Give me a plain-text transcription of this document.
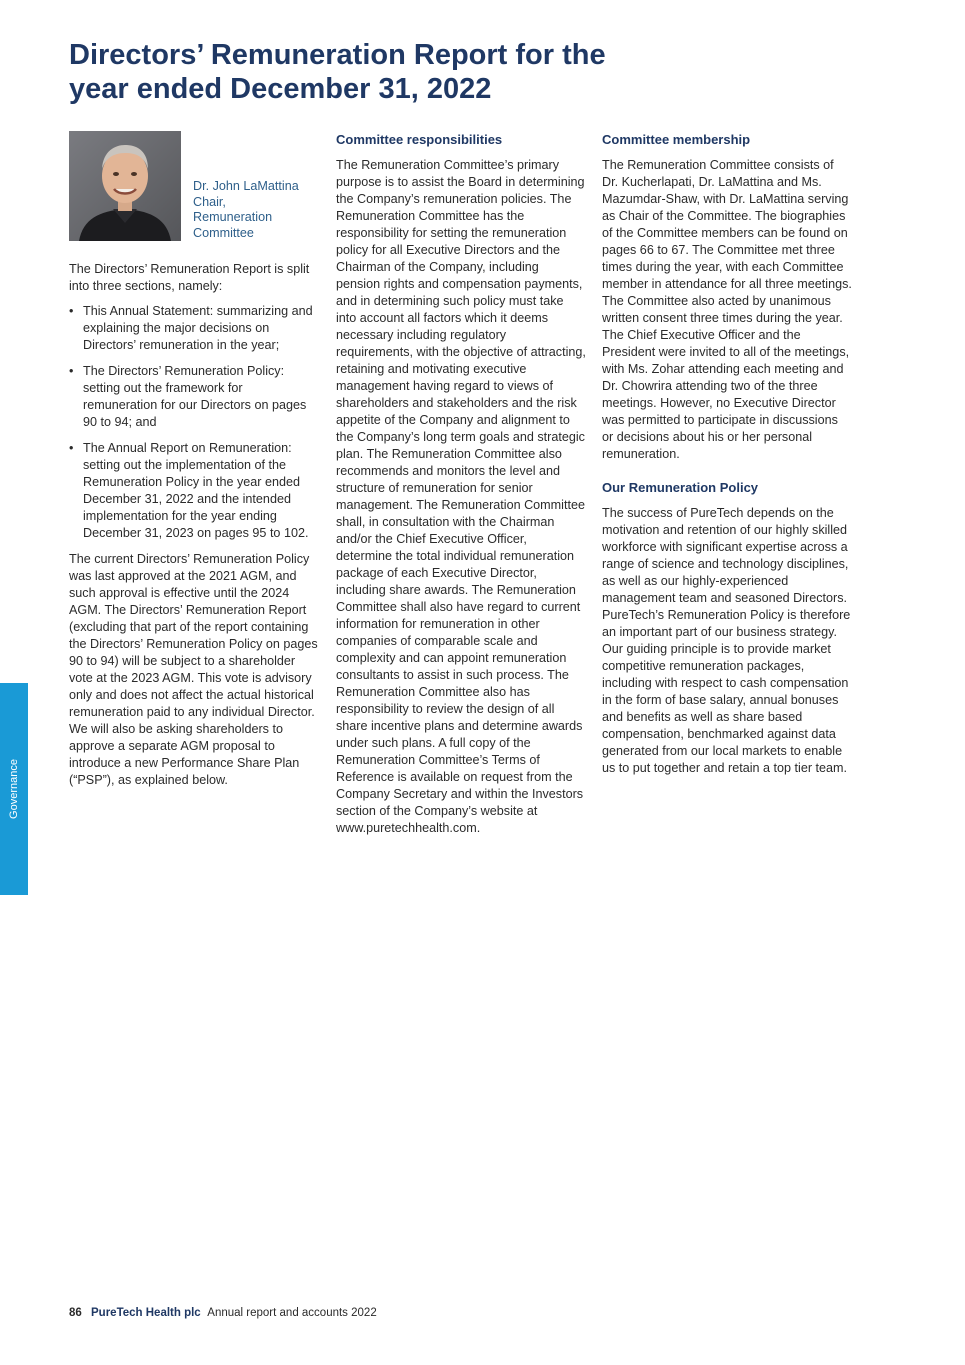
Directors’ Remuneration Report for the year ended December 31, 2022
Dr. John LaMattina
Chair,
Remuneration
Committee

The Directors’ Remuneration Report is split into three sections, namely:

• This Annual Statement: summarizing and explaining the major decisions on Directors’ remuneration in the year;
• The Directors’ Remuneration Policy: setting out the framework for remuneration for our Directors on pages 90 to 94; and
• The Annual Report on Remuneration: setting out the implementation of the Remuneration Policy in the year ended December 31, 2022 and the intended implementation for the year ending December 31, 2023 on pages 95 to 102.

The current Directors’ Remuneration Policy was last approved at the 2021 AGM, and such approval is effective until the 2024 AGM. The Directors’ Remuneration Report (excluding that part of the report containing the Directors’ Remuneration Policy on pages 90 to 94) will be subject to a shareholder vote at the 2023 AGM. This vote is advisory only and does not affect the actual historical remuneration paid to any individual Director. We will also be asking shareholders to approve a separate AGM proposal to introduce a new Performance Share Plan (“PSP”), as explained below.

Committee responsibilities

The Remuneration Committee’s primary purpose is to assist the Board in determining the Company’s remuneration policies. The Remuneration Committee has the responsibility for setting the remuneration policy for all Executive Directors and the Chairman of the Company, including pension rights and compensation payments, and in determining such policy must take into account all factors which it deems necessary including regulatory requirements, with the objective of attracting, retaining and motivating executive management having regard to views of shareholders and stakeholders and the risk appetite of the Company and alignment to the Company’s long term goals and strategic plan. The Remuneration Committee also recommends and monitors the level and structure of remuneration for senior management. The Remuneration Committee shall, in consultation with the Chairman and/or the Chief Executive Officer, determine the total individual remuneration package of each Executive Director, including share awards. The Remuneration Committee shall also have regard to current information for remuneration in other companies of comparable scale and complexity and can appoint remuneration consultants to assist in such process. The Remuneration Committee also has responsibility to review the design of all share incentive plans and determine awards under such plans. A full copy of the Remuneration Committee’s Terms of Reference is available on request from the Company Secretary and within the Investors section of the Company’s website at www.puretechhealth.com.

Committee membership

The Remuneration Committee consists of Dr. Kucherlapati, Dr. LaMattina and Ms. Mazumdar-Shaw, with Dr. LaMattina serving as Chair of the Committee. The biographies of the Committee members can be found on pages 66 to 67. The Committee met three times during the year, with each Committee member in attendance for all three meetings. The Committee also acted by unanimous written consent three times during the year. The Chief Executive Officer and the President were invited to all of the meetings, with Ms. Zohar attending each meeting and Dr. Chowrira attending two of the three meetings. However, no Executive Director was permitted to participate in discussions or decisions about his or her personal remuneration.

Our Remuneration Policy

The success of PureTech depends on the motivation and retention of our highly skilled workforce with significant expertise across a range of science and technology disciplines, as well as our highly-experienced management team and seasoned Directors. PureTech’s Remuneration Policy is therefore an important part of our business strategy. Our guiding principle is to provide market competitive remuneration packages, including with respect to cash compensation in the form of base salary, annual bonuses and benefits as well as share based compensation, benchmarked against data generated from our local markets to enable us to put together and retain a top tier team.

Governance
86 PureTech Health plc Annual report and accounts 2022
